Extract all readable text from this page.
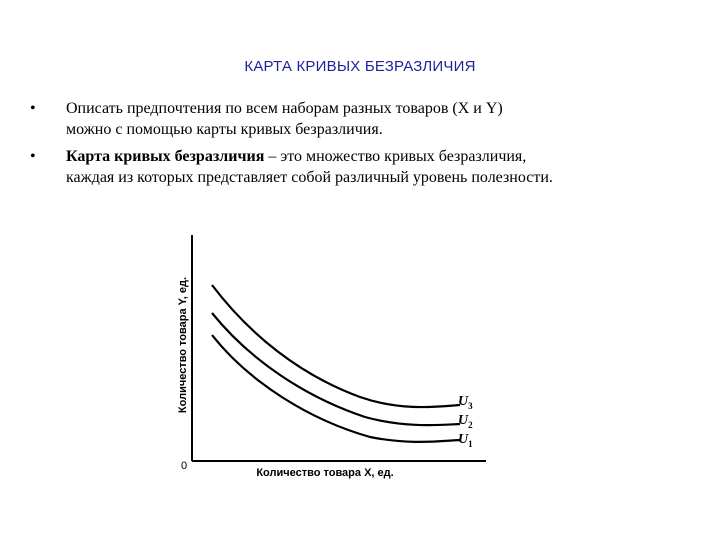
КАРТА КРИВЫХ БЕЗРАЗЛИЧИЯ
•	Описать предпочтения по всем наборам разных товаров (X и Y)
можно с помощью карты кривых безразличия.
•	Карта кривых безразличия – это множество кривых безразличия,
каждая из которых представляет собой различный уровень полезности.
Количество товара Y, ед.
0
Количество товара X, ед.
$U_3$
$U_2$
$U_1$
